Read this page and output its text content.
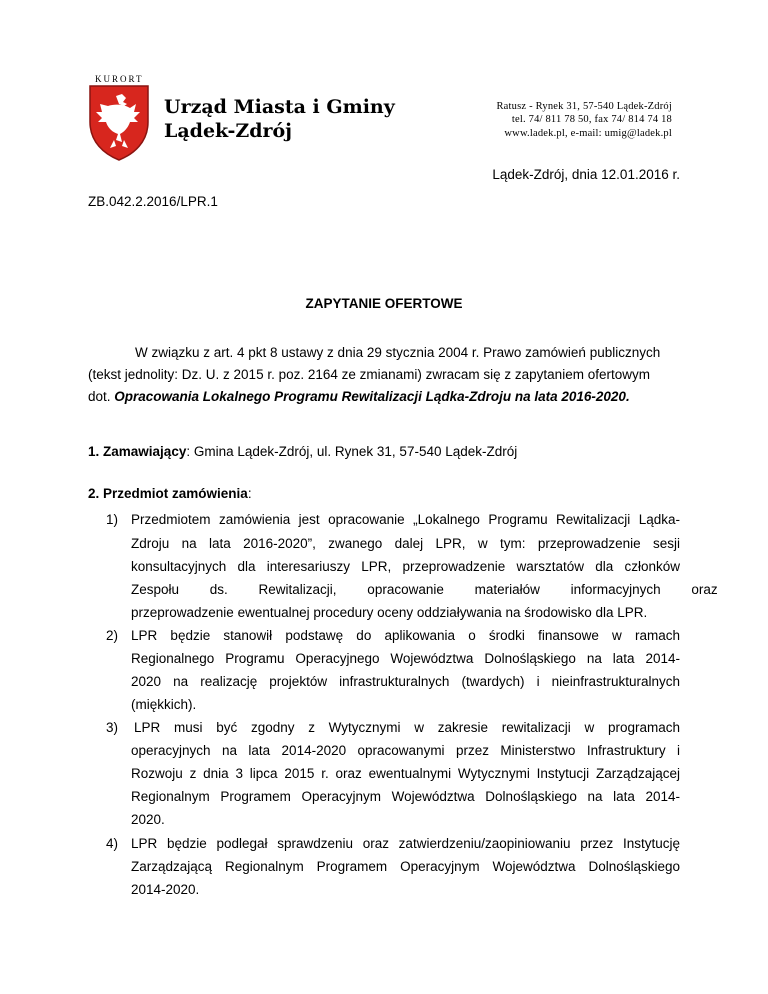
KURORT
Urząd Miasta i Gminy
Lądek-Zdrój
Ratusz - Rynek 31, 57-540 Lądek-Zdrój
tel. 74/ 811 78 50, fax 74/ 814 74 18
www.ladek.pl, e-mail: umig@ladek.pl
Lądek-Zdrój, dnia 12.01.2016 r.
ZB.042.2.2016/LPR.1
ZAPYTANIE OFERTOWE
W związku z art. 4 pkt 8 ustawy z dnia 29 stycznia 2004 r. Prawo zamówień publicznych
(tekst jednolity: Dz. U. z 2015 r. poz. 2164 ze zmianami) zwracam się z zapytaniem ofertowym
dot. Opracowania Lokalnego Programu Rewitalizacji Lądka-Zdroju na lata 2016-2020.
1. Zamawiający: Gmina Lądek-Zdrój, ul. Rynek 31, 57-540 Lądek-Zdrój
2. Przedmiot zamówienia:
1) Przedmiotem zamówienia jest opracowanie „Lokalnego Programu Rewitalizacji Lądka-
Zdroju na lata 2016-2020”, zwanego dalej LPR, w tym: przeprowadzenie sesji
konsultacyjnych dla interesariuszy LPR, przeprowadzenie warsztatów dla członków
Zespołu ds. Rewitalizacji, opracowanie materiałów informacyjnych oraz
przeprowadzenie ewentualnej procedury oceny oddziaływania na środowisko dla LPR.
2) LPR będzie stanowił podstawę do aplikowania o środki finansowe w ramach
Regionalnego Programu Operacyjnego Województwa Dolnośląskiego na lata 2014-
2020 na realizację projektów infrastrukturalnych (twardych) i nieinfrastrukturalnych
(miękkich).
3) LPR musi być zgodny z Wytycznymi w zakresie rewitalizacji w programach
operacyjnych na lata 2014-2020 opracowanymi przez Ministerstwo Infrastruktury i
Rozwoju z dnia 3 lipca 2015 r. oraz ewentualnymi Wytycznymi Instytucji Zarządzającej
Regionalnym Programem Operacyjnym Województwa Dolnośląskiego na lata 2014-
2020.
4) LPR będzie podlegał sprawdzeniu oraz zatwierdzeniu/zaopiniowaniu przez Instytucję
Zarządzającą Regionalnym Programem Operacyjnym Województwa Dolnośląskiego
2014-2020.
